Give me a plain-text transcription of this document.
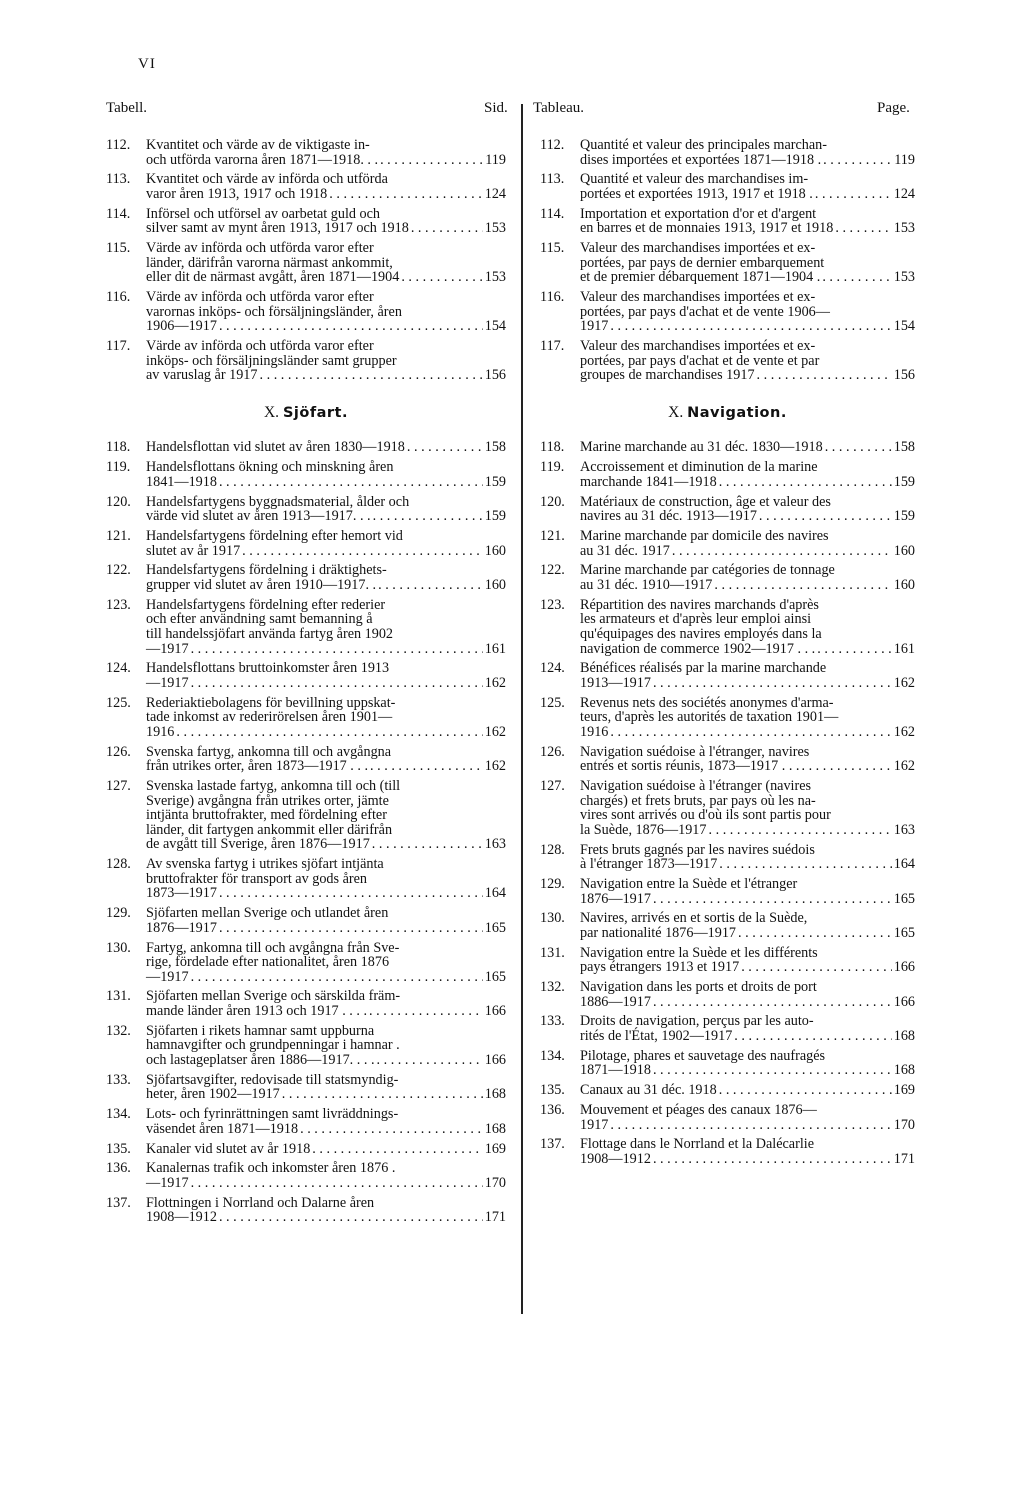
VI
Tabell.	Sid. Tableau.	Page.
112. Kvantitet och värde av de viktigaste in-
och utförda varorna åren 1871—1918. . . . . .	119
113. Kvantitet och värde av införda och utförda
varor åren 1913, 1917 och 1918 . . .	124
114. Införsel och utförsel av oarbetat guld och
silver samt av mynt åren 1913, 1917 och 1918 . . .	153
115. Värde av införda och utförda varor efter
länder, därifrån varorna närmast ankommit,
eller dit de närmast avgått, åren 1871—1904 . . .	153
116. Värde av införda och utförda varor efter
varornas inköps- och försäljningsländer, åren
1906—1917 . . .	154
117. Värde av införda och utförda varor efter
inköps- och försäljningsländer samt grupper
av varuslag år 1917 . . .	156
X. Sjöfart.
118. Handelsflottan vid slutet av åren 1830—1918 . . .	158
119. Handelsflottans ökning och minskning åren
1841—1918 . . .	159
120. Handelsfartygens byggnadsmaterial, ålder och
värde vid slutet av åren 1913—1917. . . . . .	159
121. Handelsfartygens fördelning efter hemort vid
slutet av år 1917 . . .	160
122. Handelsfartygens fördelning i dräktighets-
grupper vid slutet av åren 1910—1917. . . . .	160
123. Handelsfartygens fördelning efter rederier
och efter användning samt bemanning å
till handelssjöfart använda fartyg åren 1902
—1917 . . .	161
124. Handelsflottans bruttoinkomster åren 1913
—1917 . . .	162
125. Rederiaktiebolagens för bevillning uppskat-
tade inkomst av rederirörelsen åren 1901—
1916 . . .	162
126. Svenska fartyg, ankomna till och avgångna
från utrikes orter, åren 1873—1917 . . . . . .	162
127. Svenska lastade fartyg, ankomna till och (till
Sverige) avgångna från utrikes orter, jämte
intjänta bruttofrakter, med fördelning efter
länder, dit fartygen ankommit eller därifrån
de avgått till Sverige, åren 1876—1917 . . .	163
128. Av svenska fartyg i utrikes sjöfart intjänta
bruttofrakter för transport av gods åren
1873—1917 . . .	164
129. Sjöfarten mellan Sverige och utlandet åren
1876—1917 . . .	165
130. Fartyg, ankomna till och avgångna från Sve-
rige, fördelade efter nationalitet, åren 1876
—1917 . . .	165
131. Sjöfarten mellan Sverige och särskilda främ-
mande länder åren 1913 och 1917 . . . . . . .	166
132. Sjöfarten i rikets hamnar samt uppburna
hamnavgifter och grundpenningar i hamnar .
och lastageplatser åren 1886—1917. . . . . . .	166
133. Sjöfartsavgifter, redovisade till statsmyndig-
heter, åren 1902—1917 . . .	168
134. Lots- och fyrinrättningen samt livräddnings-
väsendet åren 1871—1918 . . .	168
135. Kanaler vid slutet av år 1918 . . .	169
136. Kanalernas trafik och inkomster åren 1876 .
—1917 . . .	170
137. Flottningen i Norrland och Dalarne åren
1908—1912 . . .	171
112. Quantité et valeur des principales marchan-
dises importées et exportées 1871—1918 . . . .	119
113. Quantité et valeur des marchandises im-
portées et exportées 1913, 1917 et 1918 . . . .	124
114. Importation et exportation d'or et d'argent
en barres et de monnaies 1913, 1917 et 1918 . . .	153
115. Valeur des marchandises importées et ex-
portées, par pays de dernier embarquement
et de premier débarquement 1871—1904 . . . .	153
116. Valeur des marchandises importées et ex-
portées, par pays d'achat et de vente 1906—
1917 . . .	154
117. Valeur des marchandises importées et ex-
portées, par pays d'achat et de vente et par
groupes de marchandises 1917 . . .	156
X. Navigation.
118. Marine marchande au 31 déc. 1830—1918 . . .	158
119. Accroissement et diminution de la marine
marchande 1841—1918 . . .	159
120. Matériaux de construction, âge et valeur des
navires au 31 déc. 1913—1917 . . .	159
121. Marine marchande par domicile des navires
au 31 déc. 1917 . . .	160
122. Marine marchande par catégories de tonnage
au 31 déc. 1910—1917 . . .	160
123. Répartition des navires marchands d'après
les armateurs et d'après leur emploi ainsi
qu'équipages des navires employés dans la
navigation de commerce 1902—1917 . . . . . .	161
124. Bénéfices réalisés par la marine marchande
1913—1917 . . .	162
125. Revenus nets des sociétés anonymes d'arma-
teurs, d'après les autorités de taxation 1901—
1916 . . .	162
126. Navigation suédoise à l'étranger, navires
entrés et sortis réunis, 1873—1917 . . . . . .	162
127. Navigation suédoise à l'étranger (navires
chargés) et frets bruts, par pays où les na-
vires sont arrivés ou d'où ils sont partis pour
la Suède, 1876—1917 . . .	163
128. Frets bruts gagnés par les navires suédois
à l'étranger 1873—1917 . . .	164
129. Navigation entre la Suède et l'étranger
1876—1917 . . .	165
130. Navires, arrivés en et sortis de la Suède,
par nationalité 1876—1917 . . .	165
131. Navigation entre la Suède et les différents
pays étrangers 1913 et 1917 . . .	166
132. Navigation dans les ports et droits de port
1886—1917 . . .	166
133. Droits de navigation, perçus par les auto-
rités de l'État, 1902—1917 . . .	168
134. Pilotage, phares et sauvetage des naufragés
1871—1918 . . .	168
135. Canaux au 31 déc. 1918 . . .	169
136. Mouvement et péages des canaux 1876—
1917 . . .	170
137. Flottage dans le Norrland et la Dalécarlie
1908—1912 . . .	171
